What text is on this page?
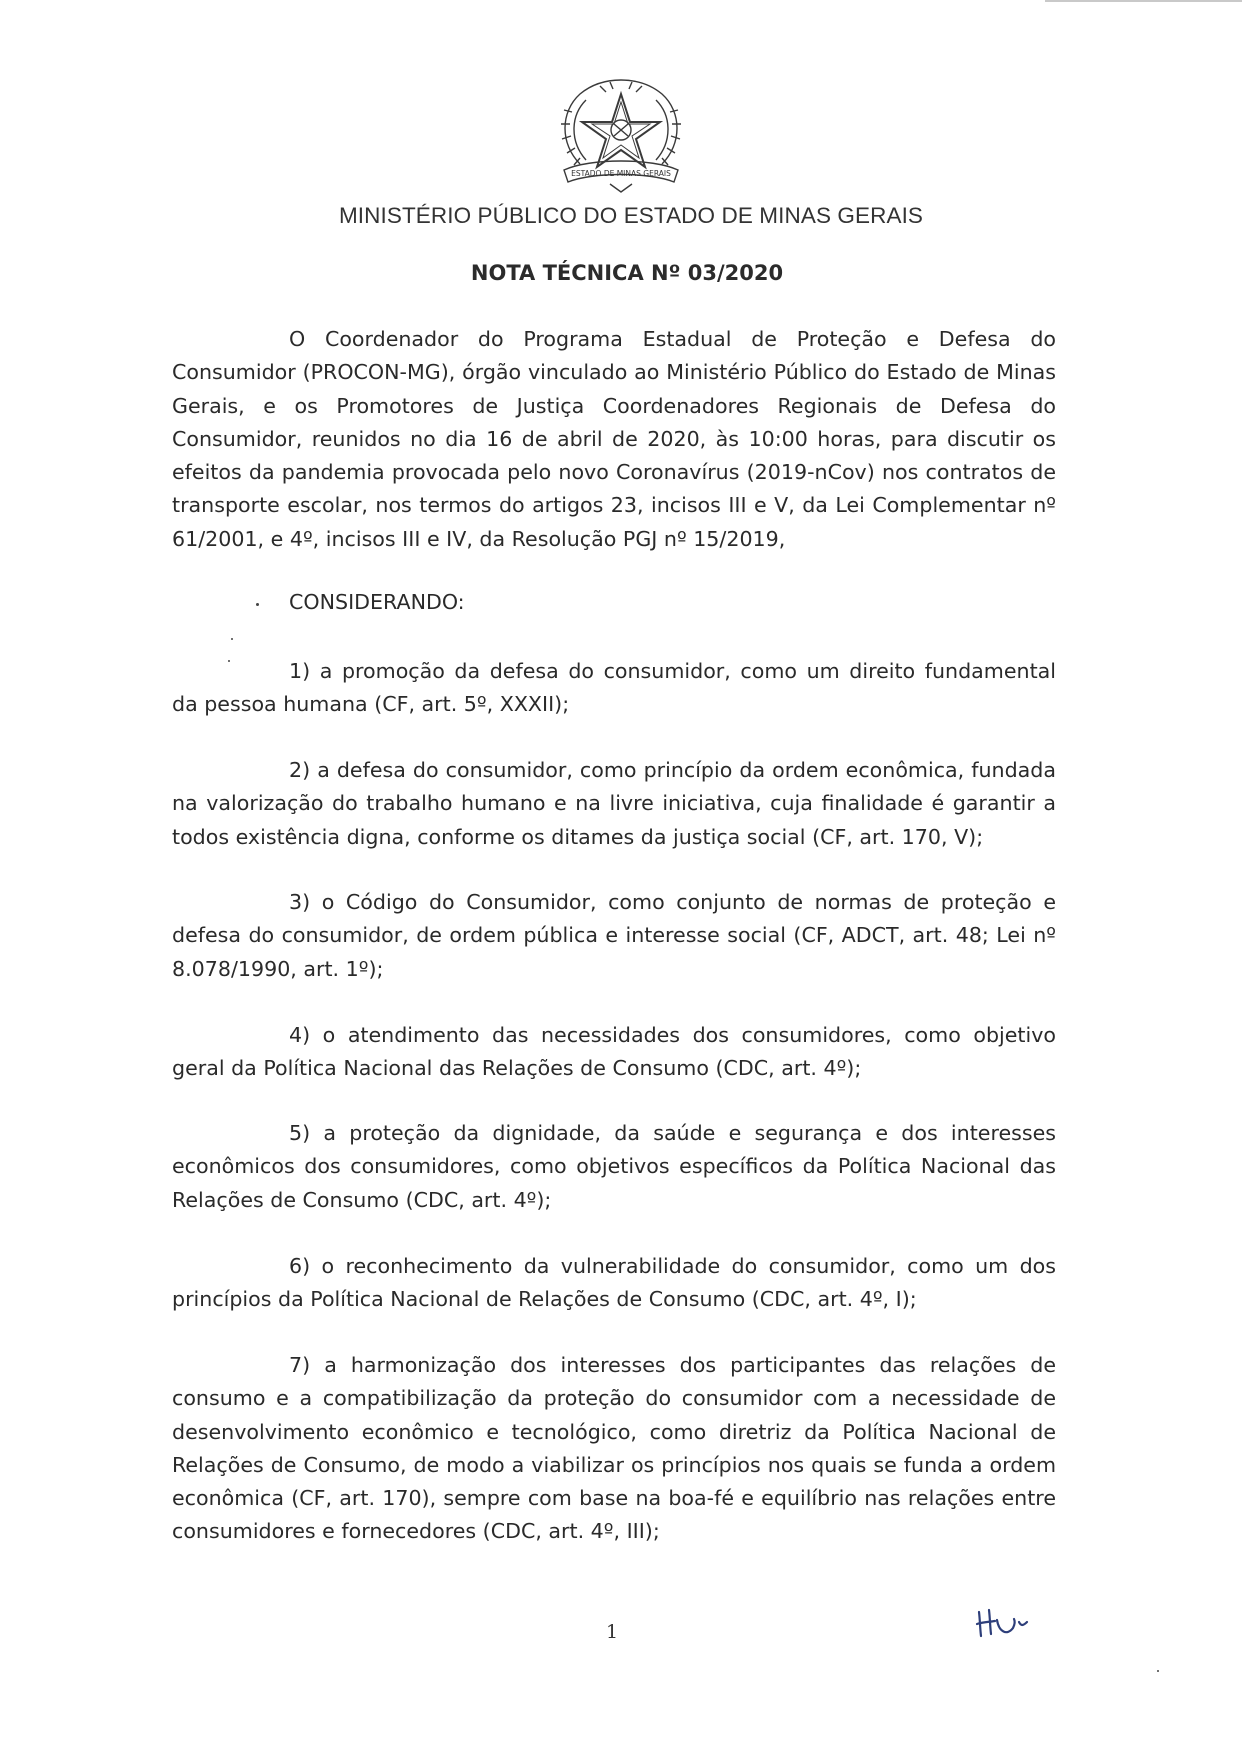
ESTADO DE MINAS GERAIS
MINISTÉRIO PÚBLICO DO ESTADO DE MINAS GERAIS
NOTA TÉCNICA Nº 03/2020

O Coordenador do Programa Estadual de Proteção e Defesa do Consumidor (PROCON-MG), órgão vinculado ao Ministério Público do Estado de Minas Gerais, e os Promotores de Justiça Coordenadores Regionais de Defesa do Consumidor, reunidos no dia 16 de abril de 2020, às 10:00 horas, para discutir os efeitos da pandemia provocada pelo novo Coronavírus (2019-nCov) nos contratos de transporte escolar, nos termos do artigos 23, incisos III e V, da Lei Complementar nº 61/2001, e 4º, incisos III e IV, da Resolução PGJ nº 15/2019,

CONSIDERANDO:

1) a promoção da defesa do consumidor, como um direito fundamental da pessoa humana (CF, art. 5º, XXXII);

2) a defesa do consumidor, como princípio da ordem econômica, fundada na valorização do trabalho humano e na livre iniciativa, cuja finalidade é garantir a todos existência digna, conforme os ditames da justiça social (CF, art. 170, V);

3) o Código do Consumidor, como conjunto de normas de proteção e defesa do consumidor, de ordem pública e interesse social (CF, ADCT, art. 48; Lei nº 8.078/1990, art. 1º);

4) o atendimento das necessidades dos consumidores, como objetivo geral da Política Nacional das Relações de Consumo (CDC, art. 4º);

5) a proteção da dignidade, da saúde e segurança e dos interesses econômicos dos consumidores, como objetivos específicos da Política Nacional das Relações de Consumo (CDC, art. 4º);

6) o reconhecimento da vulnerabilidade do consumidor, como um dos princípios da Política Nacional de Relações de Consumo (CDC, art. 4º, I);

7) a harmonização dos interesses dos participantes das relações de consumo e a compatibilização da proteção do consumidor com a necessidade de desenvolvimento econômico e tecnológico, como diretriz da Política Nacional de Relações de Consumo, de modo a viabilizar os princípios nos quais se funda a ordem econômica (CF, art. 170), sempre com base na boa-fé e equilíbrio nas relações entre consumidores e fornecedores (CDC, art. 4º, III);

1
